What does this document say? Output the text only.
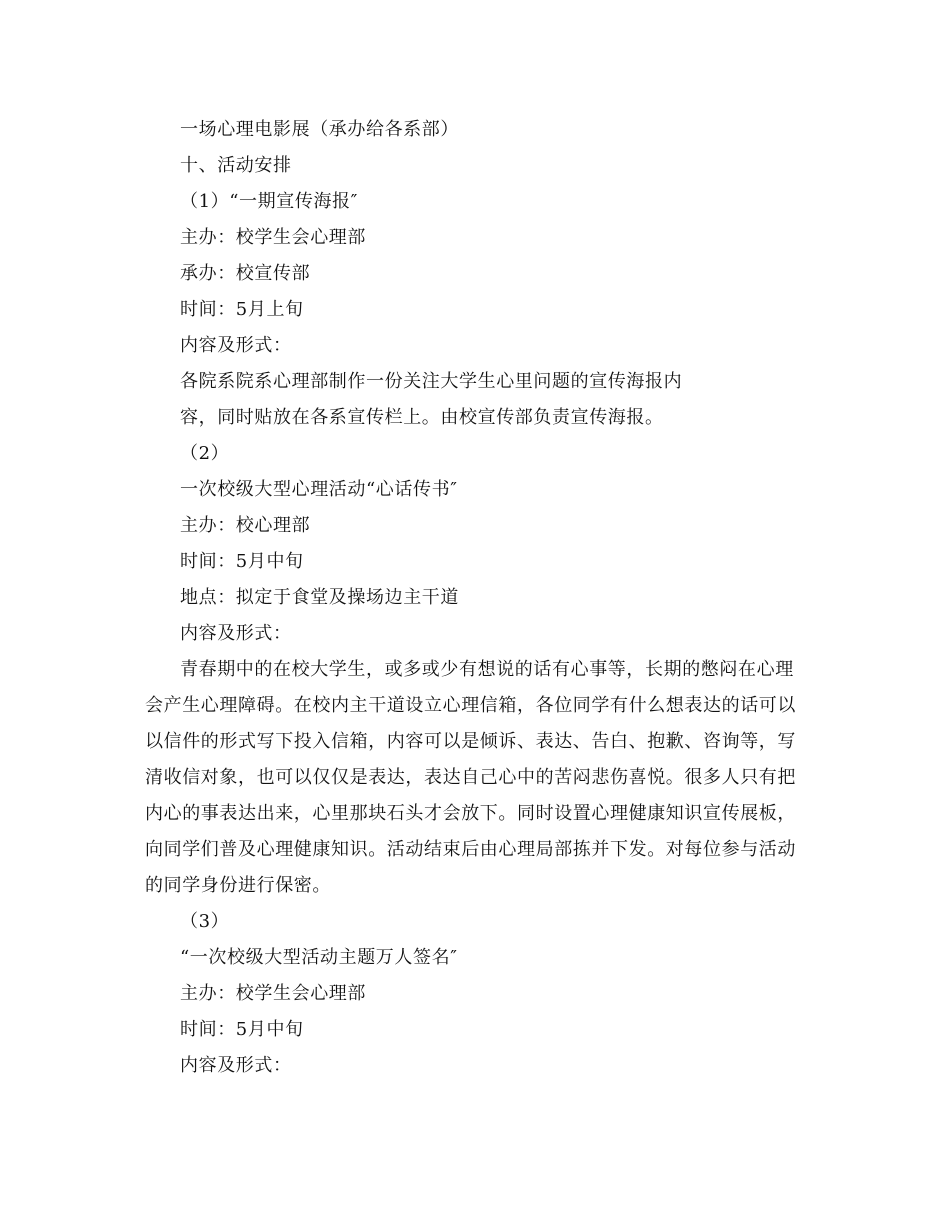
一场心理电影展（承办给各系部）
十、活动安排
（1）“一期宣传海报″
主办：校学生会心理部
承办：校宣传部
时间：5月上旬
内容及形式：
各院系院系心理部制作一份关注大学生心里问题的宣传海报内
容，同时贴放在各系宣传栏上。由校宣传部负责宣传海报。
（2）
一次校级大型心理活动“心话传书″
主办：校心理部
时间：5月中旬
地点：拟定于食堂及操场边主干道
内容及形式：
青春期中的在校大学生，或多或少有想说的话有心事等，长期的憋闷在心理
会产生心理障碍。在校内主干道设立心理信箱，各位同学有什么想表达的话可以
以信件的形式写下投入信箱，内容可以是倾诉、表达、告白、抱歉、咨询等，写
清收信对象，也可以仅仅是表达，表达自己心中的苦闷悲伤喜悦。很多人只有把
内心的事表达出来，心里那块石头才会放下。同时设置心理健康知识宣传展板，
向同学们普及心理健康知识。活动结束后由心理局部拣并下发。对每位参与活动
的同学身份进行保密。
（3）
“一次校级大型活动主题万人签名″
主办：校学生会心理部
时间：5月中旬
内容及形式：
